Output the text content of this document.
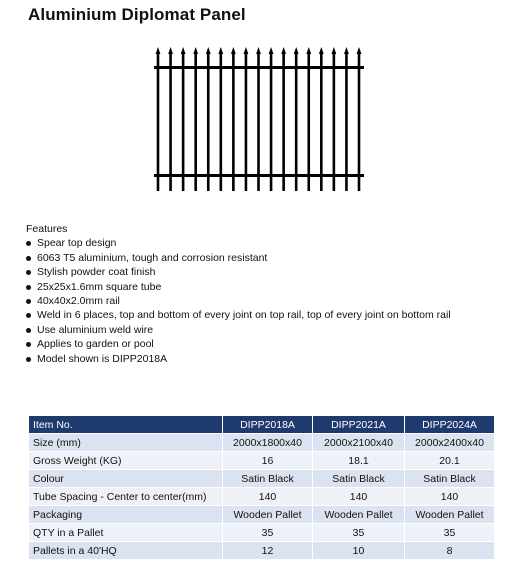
Aluminium Diplomat Panel
Features
Spear top design
6063 T5 aluminium, tough and corrosion resistant
Stylish powder coat finish
25x25x1.6mm square tube
40x40x2.0mm rail
Weld in 6 places, top and bottom of every joint on top rail, top of every joint on bottom rail
Use aluminium weld wire
Applies to garden or pool
Model shown is DIPP2018A
Item No.	DIPP2018A	DIPP2021A	DIPP2024A
Size (mm)	2000x1800x40	2000x2100x40	2000x2400x40
Gross Weight (KG)	16	18.1	20.1
Colour	Satin Black	Satin Black	Satin Black
Tube Spacing - Center to center(mm)	140	140	140
Packaging	Wooden Pallet	Wooden Pallet	Wooden Pallet
QTY in a Pallet	35	35	35
Pallets in a 40'HQ	12	10	8
